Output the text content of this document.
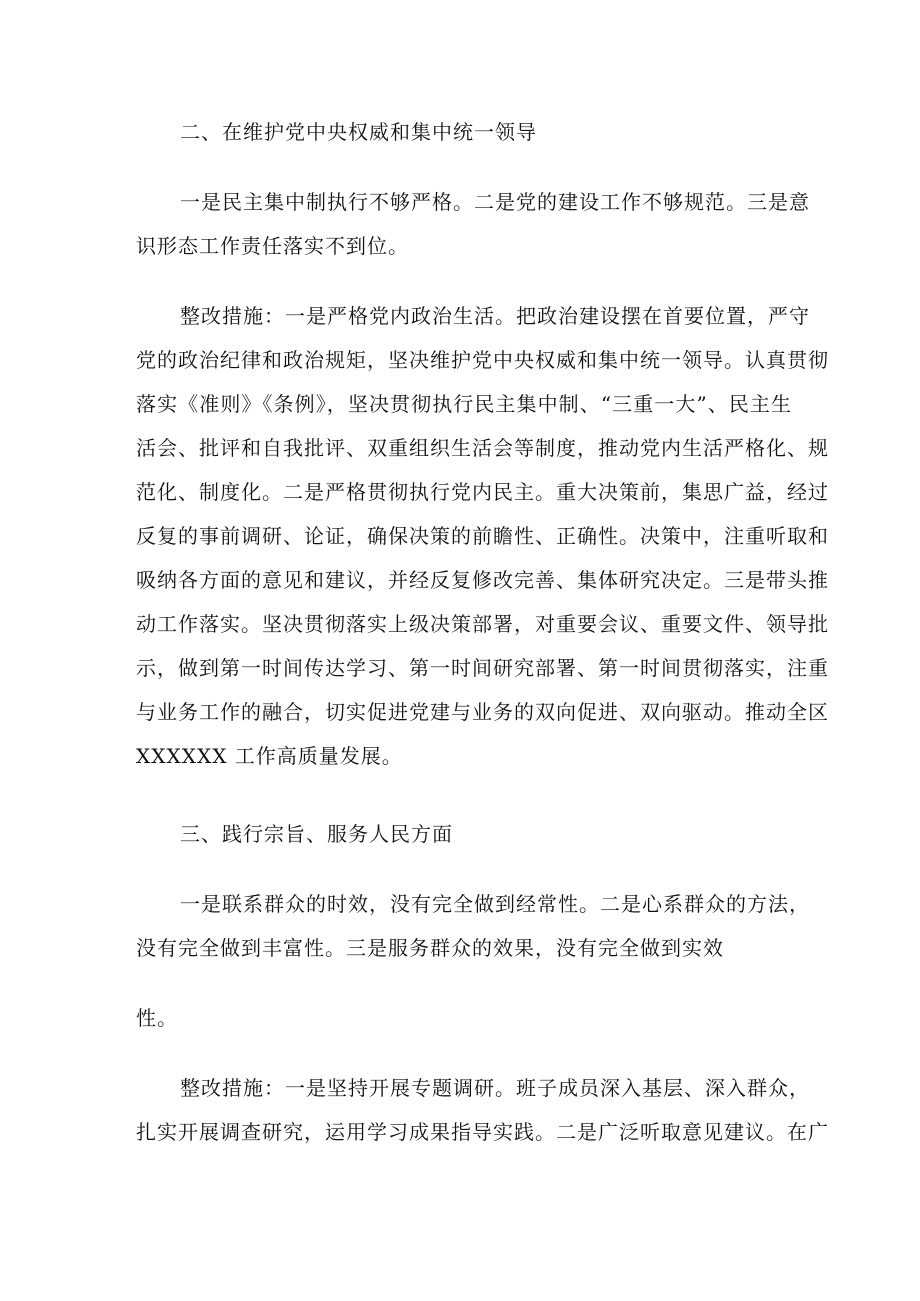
二、在维护党中央权威和集中统一领导
一是民主集中制执行不够严格。二是党的建设工作不够规范。三是意
识形态工作责任落实不到位。
整改措施：一是严格党内政治生活。把政治建设摆在首要位置，严守
党的政治纪律和政治规矩，坚决维护党中央权威和集中统一领导。认真贯彻
落实《准则》《条例》，坚决贯彻执行民主集中制、“三重一大”、民主生
活会、批评和自我批评、双重组织生活会等制度，推动党内生活严格化、规
范化、制度化。二是严格贯彻执行党内民主。重大决策前，集思广益，经过
反复的事前调研、论证，确保决策的前瞻性、正确性。决策中，注重听取和
吸纳各方面的意见和建议，并经反复修改完善、集体研究决定。三是带头推
动工作落实。坚决贯彻落实上级决策部署，对重要会议、重要文件、领导批
示，做到第一时间传达学习、第一时间研究部署、第一时间贯彻落实，注重
与业务工作的融合，切实促进党建与业务的双向促进、双向驱动。推动全区
XXXXXX 工作高质量发展。
三、践行宗旨、服务人民方面
一是联系群众的时效，没有完全做到经常性。二是心系群众的方法，
没有完全做到丰富性。三是服务群众的效果，没有完全做到实效
性。
整改措施：一是坚持开展专题调研。班子成员深入基层、深入群众，
扎实开展调查研究，运用学习成果指导实践。二是广泛听取意见建议。在广
